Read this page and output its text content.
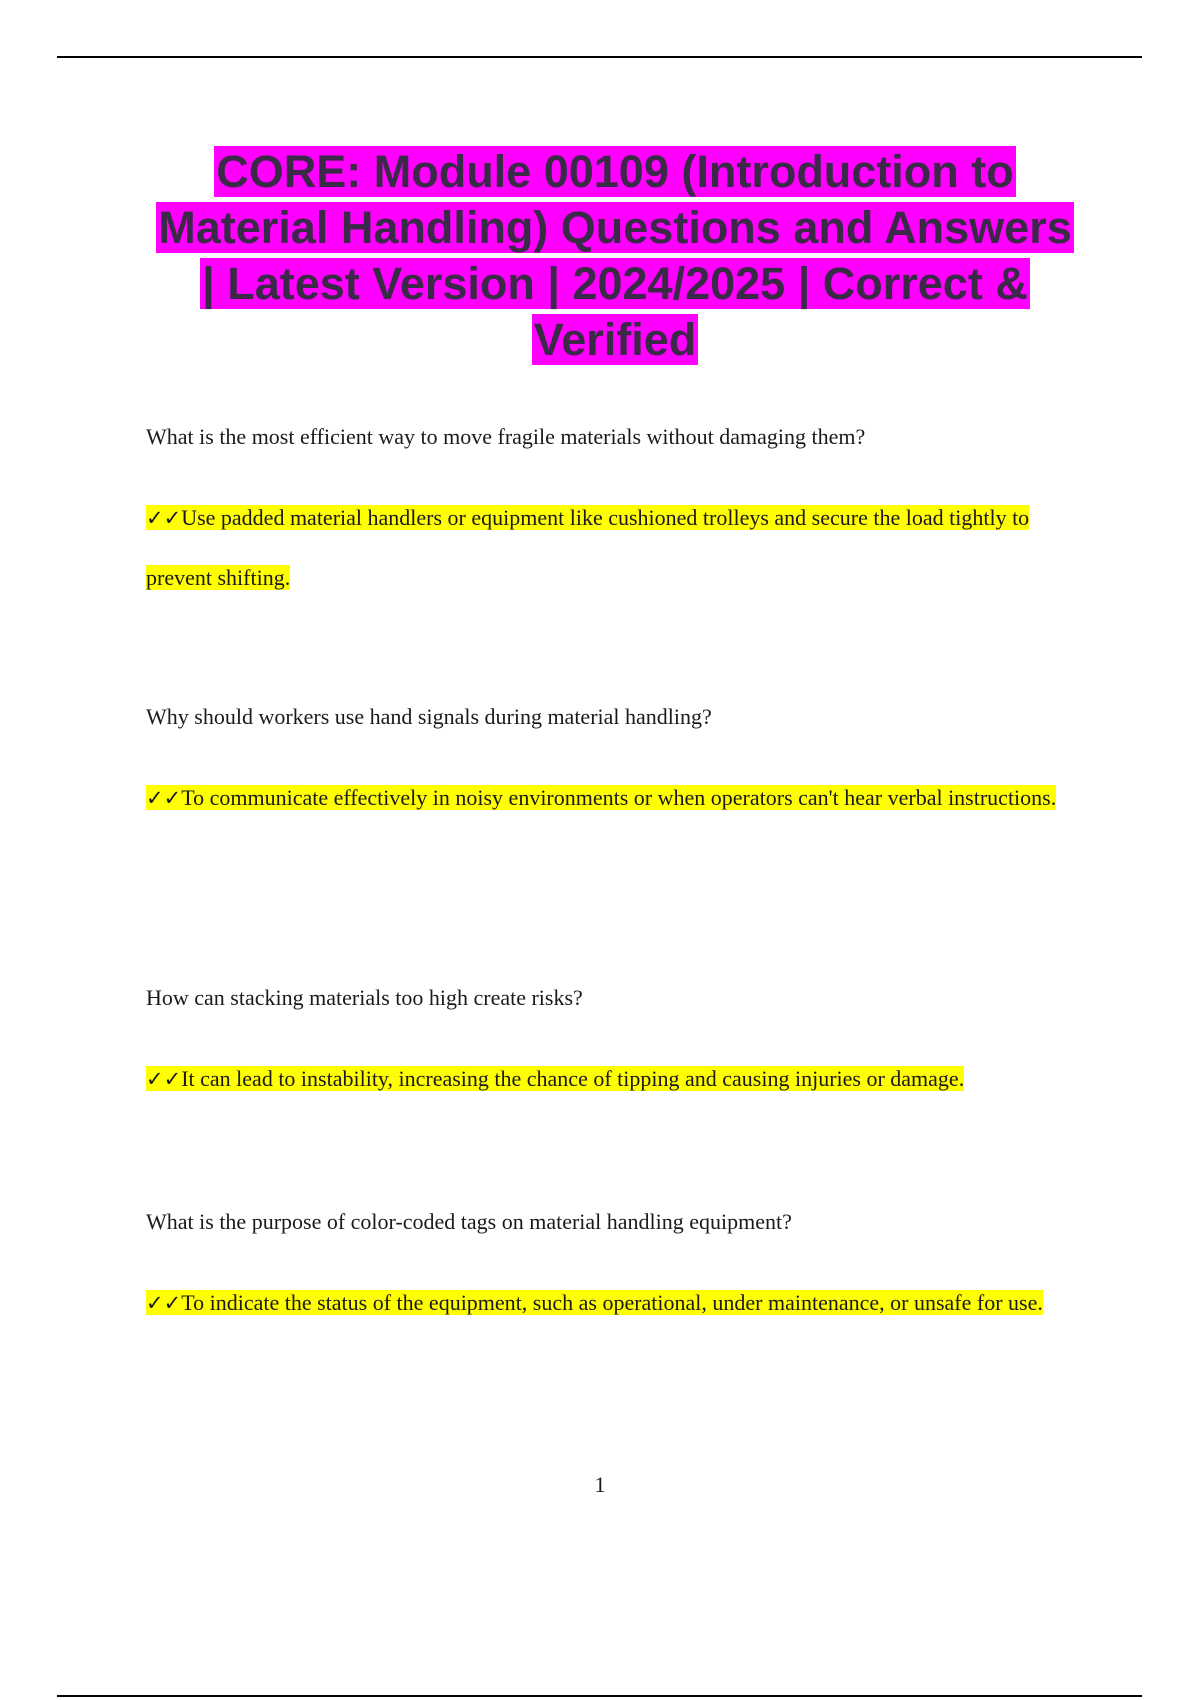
CORE: Module 00109 (Introduction to Material Handling) Questions and Answers | Latest Version | 2024/2025 | Correct & Verified

What is the most efficient way to move fragile materials without damaging them?

✓✓Use padded material handlers or equipment like cushioned trolleys and secure the load tightly to prevent shifting.

Why should workers use hand signals during material handling?

✓✓To communicate effectively in noisy environments or when operators can't hear verbal instructions.

How can stacking materials too high create risks?

✓✓It can lead to instability, increasing the chance of tipping and causing injuries or damage.

What is the purpose of color-coded tags on material handling equipment?

✓✓To indicate the status of the equipment, such as operational, under maintenance, or unsafe for use.

1
